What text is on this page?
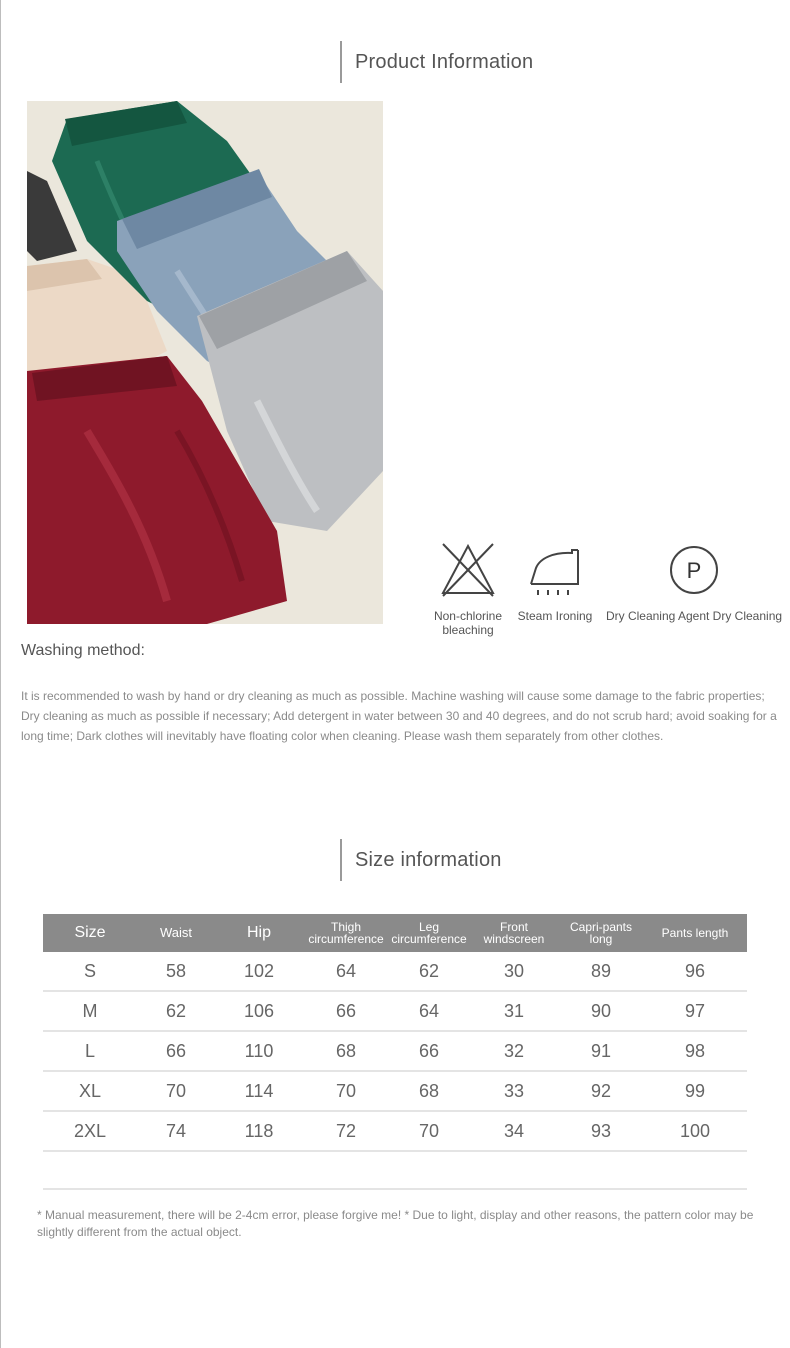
Product Information
Non-chlorine bleaching
Steam Ironing
P
Dry Cleaning Agent Dry Cleaning
Washing method:
It is recommended to wash by hand or dry cleaning as much as possible. Machine washing will cause some damage to the fabric properties; Dry cleaning as much as possible if necessary; Add detergent in water between 30 and 40 degrees, and do not scrub hard; avoid soaking for a long time; Dark clothes will inevitably have floating color when cleaning. Please wash them separately from other clothes.
Size information
Size	Waist	Hip	Thigh circumference	Leg circumference	Front windscreen	Capri-pants long	Pants length
S	58	102	64	62	30	89	96
M	62	106	66	64	31	90	97
L	66	110	68	66	32	91	98
XL	70	114	70	68	33	92	99
2XL	74	118	72	70	34	93	100
* Manual measurement, there will be 2-4cm error, please forgive me! * Due to light, display and other reasons, the pattern color may be slightly different from the actual object.
